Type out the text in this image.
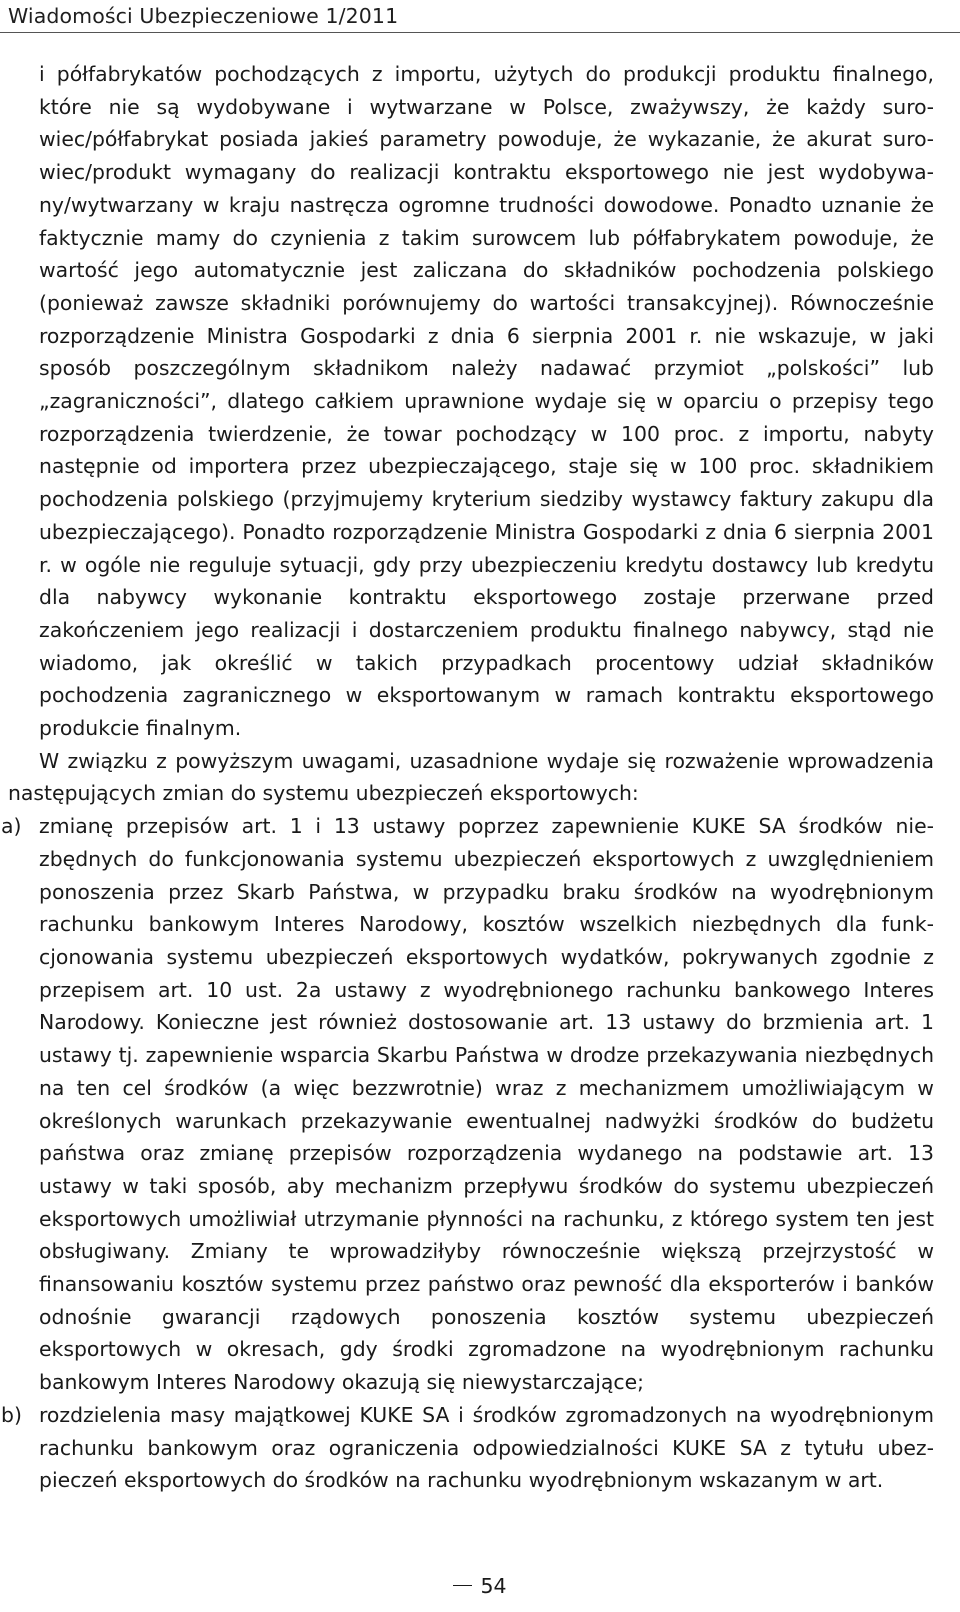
Wiadomości Ubezpieczeniowe 1/2011

i półfabrykatów pochodzących z importu, użytych do produkcji produktu finalnego, które nie są wydobywane i wytwarzane w Polsce, zważywszy, że każdy surowiec/półfabrykat posiada jakieś parametry powoduje, że wykazanie, że akurat surowiec/produkt wymagany do realizacji kontraktu eksportowego nie jest wydobywany/wytwarzany w kraju nastręcza ogromne trudności dowodowe. Ponadto uznanie że faktycznie mamy do czynienia z takim surowcem lub półfabrykatem powoduje, że wartość jego automatycznie jest zaliczana do składników pochodzenia polskiego (ponieważ zawsze składniki porównujemy do wartości transakcyjnej). Równocześnie rozporządzenie Ministra Gospodarki z dnia 6 sierpnia 2001 r. nie wskazuje, w jaki sposób poszczególnym składnikom należy nadawać przymiot „polskości” lub „zagraniczności”, dlatego całkiem uprawnione wydaje się w oparciu o przepisy tego rozporządzenia twierdzenie, że towar pochodzący w 100 proc. z importu, nabyty następnie od importera przez ubezpieczającego, staje się w 100 proc. składnikiem pochodzenia polskiego (przyjmujemy kryterium siedziby wystawcy faktury zakupu dla ubezpieczającego). Ponadto rozporządzenie Ministra Gospodarki z dnia 6 sierpnia 2001 r. w ogóle nie reguluje sytuacji, gdy przy ubezpieczeniu kredytu dostawcy lub kredytu dla nabywcy wykonanie kontraktu eksportowego zostaje przerwane przed zakończeniem jego realizacji i dostarczeniem produktu finalnego nabywcy, stąd nie wiadomo, jak określić w takich przypadkach procentowy udział składników pochodzenia zagranicznego w eksportowanym w ramach kontraktu eksportowego produkcie finalnym.

W związku z powyższym uwagami, uzasadnione wydaje się rozważenie wprowadzenia następujących zmian do systemu ubezpieczeń eksportowych:

a) zmianę przepisów art. 1 i 13 ustawy poprzez zapewnienie KUKE SA środków niezbędnych do funkcjonowania systemu ubezpieczeń eksportowych z uwzględnieniem ponoszenia przez Skarb Państwa, w przypadku braku środków na wyodrębnionym rachunku bankowym Interes Narodowy, kosztów wszelkich niezbędnych dla funkcjonowania systemu ubezpieczeń eksportowych wydatków, pokrywanych zgodnie z przepisem art. 10 ust. 2a ustawy z wyodrębnionego rachunku bankowego Interes Narodowy. Konieczne jest również dostosowanie art. 13 ustawy do brzmienia art. 1 ustawy tj. zapewnienie wsparcia Skarbu Państwa w drodze przekazywania niezbędnych na ten cel środków (a więc bezzwrotnie) wraz z mechanizmem umożliwiającym w określonych warunkach przekazywanie ewentualnej nadwyżki środków do budżetu państwa oraz zmianę przepisów rozporządzenia wydanego na podstawie art. 13 ustawy w taki sposób, aby mechanizm przepływu środków do systemu ubezpieczeń eksportowych umożliwiał utrzymanie płynności na rachunku, z którego system ten jest obsługiwany. Zmiany te wprowadziłyby równocześnie większą przejrzystość w finansowaniu kosztów systemu przez państwo oraz pewność dla eksporterów i banków odnośnie gwarancji rządowych ponoszenia kosztów systemu ubezpieczeń eksportowych w okresach, gdy środki zgromadzone na wyodrębnionym rachunku bankowym Interes Narodowy okazują się niewystarczające;

b) rozdzielenia masy majątkowej KUKE SA i środków zgromadzonych na wyodrębnionym rachunku bankowym oraz ograniczenia odpowiedzialności KUKE SA z tytułu ubezpieczeń eksportowych do środków na rachunku wyodrębnionym wskazanym w art.

54
